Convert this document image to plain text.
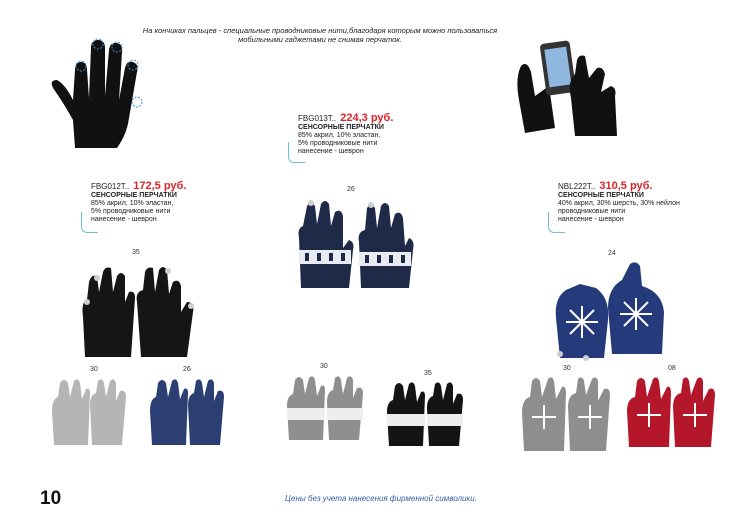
На кончиках пальцев - специальные проводниковые нити,благодаря которым можно пользоваться
мобильными гаджетами не снимая перчаток.
FBG013T.. 224,3 руб.
СЕНСОРНЫЕ ПЕРЧАТКИ
85% акрил, 10% эластан,
5% проводниковые нити
нанесение - шеврон
FBG012T.. 172,5 руб.
СЕНСОРНЫЕ ПЕРЧАТКИ
85% акрил, 10% эластан,
5% проводниковые нити
нанесение - шеврон
NBL222T.. 310,5 руб.
СЕНСОРНЫЕ ПЕРЧАТКИ
40% акрил, 30% шерсть, 30% нейлон
проводниковые нити
нанесение - шеврон
35
26
24
30	26	30
35
30	08
10	Цены без учета нанесения фирменной символики.
